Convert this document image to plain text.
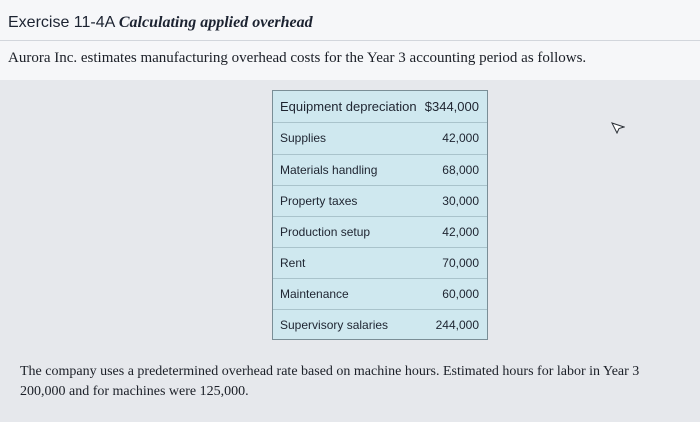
Exercise 11-4A Calculating applied overhead
Aurora Inc. estimates manufacturing overhead costs for the Year 3 accounting period as follows.
Equipment depreciation $344,000
Supplies	42,000
Materials handling	68,000
Property taxes	30,000
Production setup	42,000
Rent	70,000
Maintenance	60,000
Supervisory salaries	244,000
The company uses a predetermined overhead rate based on machine hours. Estimated hours for labor in Year 3
200,000 and for machines were 125,000.
